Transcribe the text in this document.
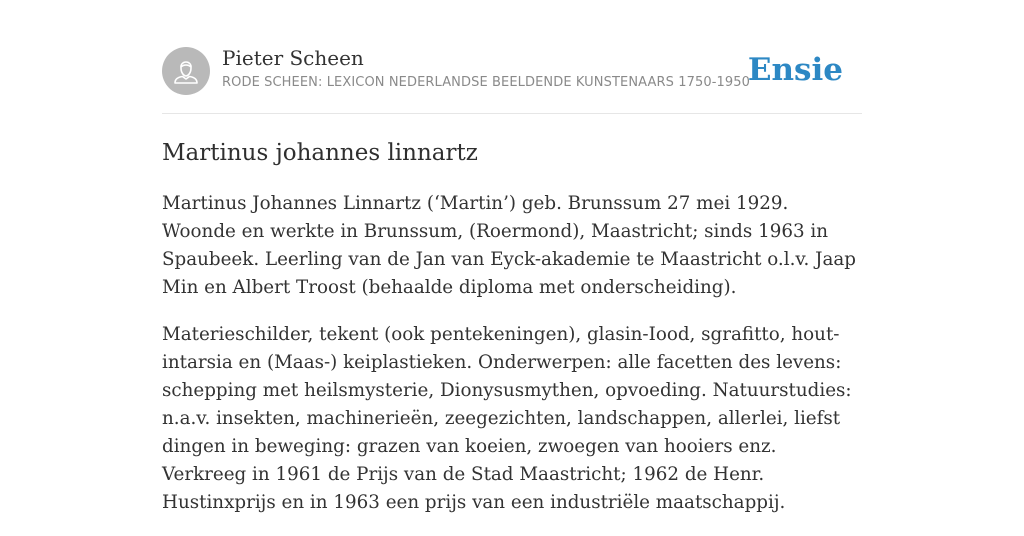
Pieter Scheen
RODE SCHEEN: LEXICON NEDERLANDSE BEELDENDE KUNSTENAARS 1750-1950
Ensie
Martinus johannes linnartz

Martinus Johannes Linnartz (‘Martin’) geb. Brunssum 27 mei 1929. Woonde en werkte in Brunssum, (Roermond), Maastricht; sinds 1963 in Spaubeek. Leerling van de Jan van Eyck-akademie te Maastricht o.l.v. Jaap Min en Albert Troost (behaalde diploma met onderscheiding).

Materieschilder, tekent (ook pentekeningen), glasin-Iood, sgrafitto, hout-intarsia en (Maas-) keiplastieken. Onderwerpen: alle facetten des levens: schepping met heilsmysterie, Dionysusmythen, opvoeding. Natuurstudies: n.a.v. insekten, machinerieën, zeegezichten, landschappen, allerlei, liefst dingen in beweging: grazen van koeien, zwoegen van hooiers enz. Verkreeg in 1961 de Prijs van de Stad Maastricht; 1962 de Henr. Hustinxprijs en in 1963 een prijs van een industriële maatschappij.
